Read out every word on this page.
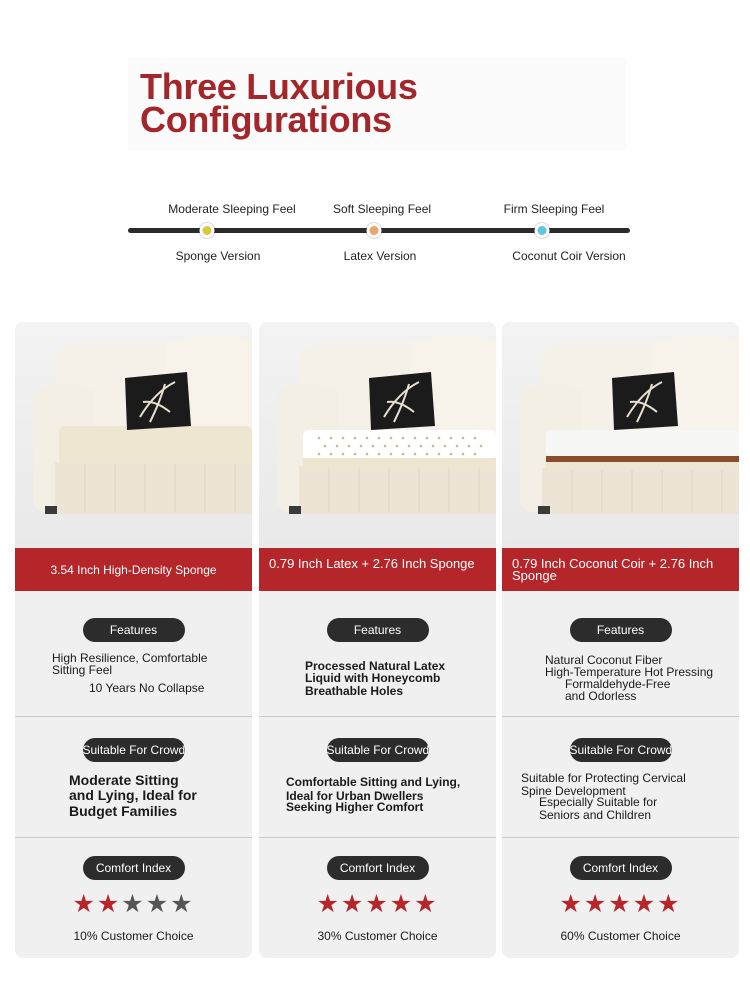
Three Luxurious
Configurations
Moderate Sleeping Feel	Soft Sleeping Feel	Firm Sleeping Feel
Sponge Version	Latex Version	Coconut Coir Version
3.54 Inch High-Density Sponge
Features
High Resilience, Comfortable
Sitting Feel
10 Years No Collapse
Suitable For Crowd
Moderate Sitting
and Lying, Ideal for
Budget Families
Comfort Index
★★★★★
10% Customer Choice
0.79 Inch Latex + 2.76 Inch Sponge
Features
Processed Natural Latex
Liquid with Honeycomb
Breathable Holes
Suitable For Crowd
Comfortable Sitting and Lying,
Ideal for Urban Dwellers
Seeking Higher Comfort
Comfort Index
★★★★★
30% Customer Choice
0.79 Inch Coconut Coir + 2.76 Inch Sponge
Features
Natural Coconut Fiber
High-Temperature Hot Pressing
Formaldehyde-Free
and Odorless
Suitable For Crowd
Suitable for Protecting Cervical
Spine Development
Especially Suitable for
Seniors and Children
Comfort Index
★★★★★
60% Customer Choice
